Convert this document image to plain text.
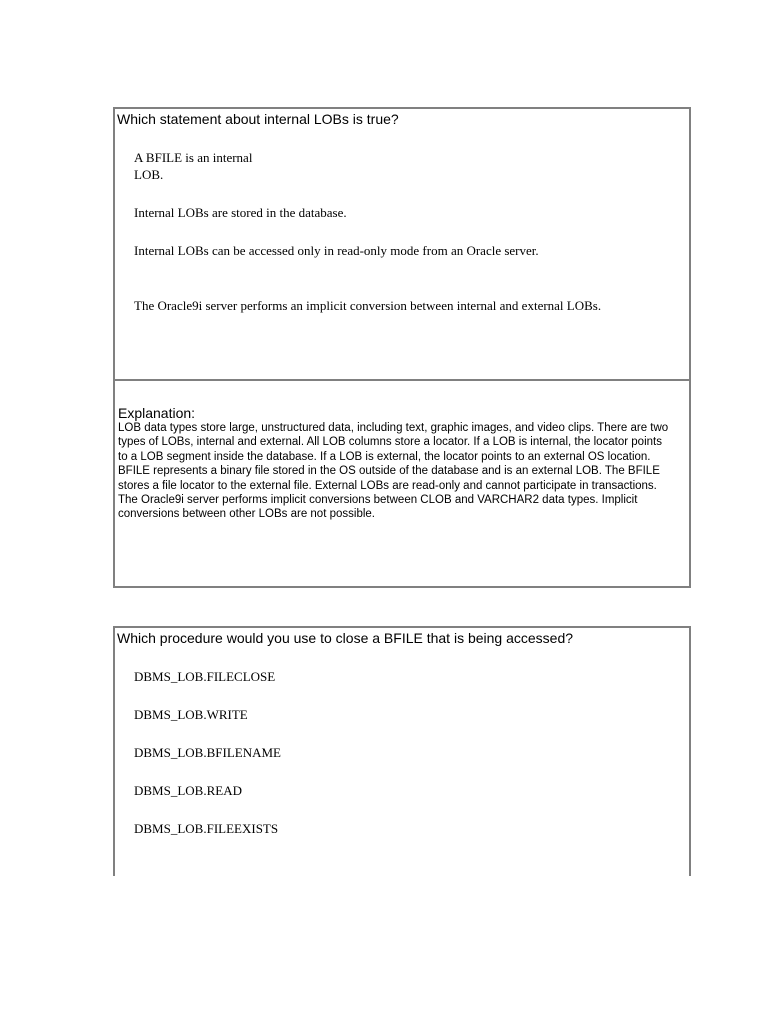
Which statement about internal LOBs is true?
A BFILE is an internal LOB.
Internal LOBs are stored in the database.
Internal LOBs can be accessed only in read-only mode from an Oracle server.
The Oracle9i server performs an implicit conversion between internal and external LOBs.
Explanation:
LOB data types store large, unstructured data, including text, graphic images, and video clips. There are two types of LOBs, internal and external. All LOB columns store a locator. If a LOB is internal, the locator points to a LOB segment inside the database. If a LOB is external, the locator points to an external OS location. BFILE represents a binary file stored in the OS outside of the database and is an external LOB. The BFILE stores a file locator to the external file. External LOBs are read-only and cannot participate in transactions. The Oracle9i server performs implicit conversions between CLOB and VARCHAR2 data types. Implicit conversions between other LOBs are not possible.
Which procedure would you use to close a BFILE that is being accessed?
DBMS_LOB.FILECLOSE
DBMS_LOB.WRITE
DBMS_LOB.BFILENAME
DBMS_LOB.READ
DBMS_LOB.FILEEXISTS
